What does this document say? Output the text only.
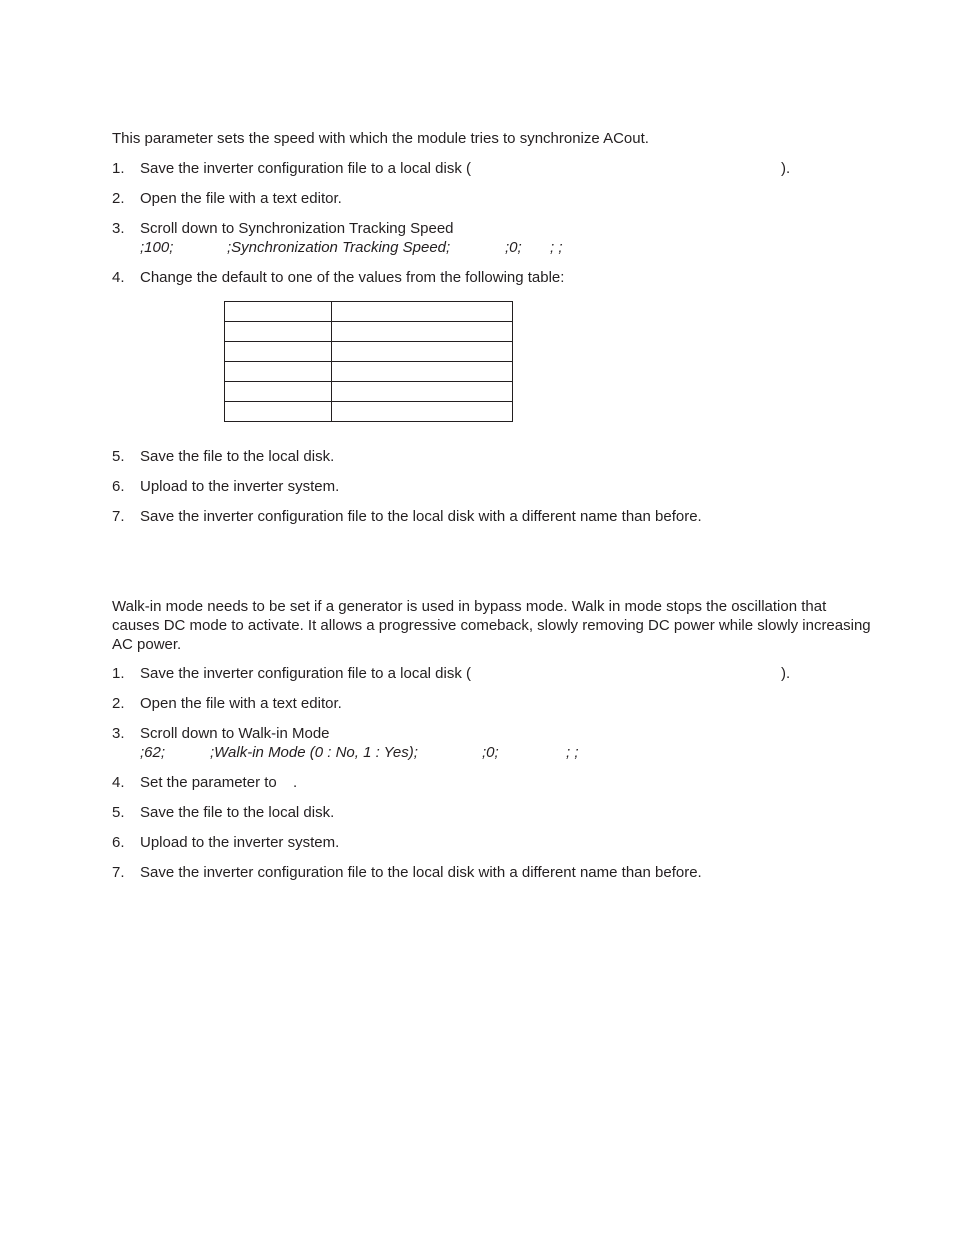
This parameter sets the speed with which the module tries to synchronize ACout.
1. Save the inverter configuration file to a local disk (	).
2. Open the file with a text editor.
3. Scroll down to Synchronization Tracking Speed
;100;	;Synchronization Tracking Speed;	;0; ; ;
4. Change the default to one of the values from the following table:

5. Save the file to the local disk.
6. Upload to the inverter system.
7. Save the inverter configuration file to the local disk with a different name than before.
Walk-in mode needs to be set if a generator is used in bypass mode. Walk in mode stops the oscillation that causes DC mode to activate. It allows a progressive comeback, slowly removing DC power while slowly increasing AC power.
1. Save the inverter configuration file to a local disk (	).
2. Open the file with a text editor.
3. Scroll down to Walk-in Mode
;62;	;Walk-in Mode (0 : No, 1 : Yes);	;0;	; ;
4. Set the parameter to .
5. Save the file to the local disk.
6. Upload to the inverter system.
7. Save the inverter configuration file to the local disk with a different name than before.
